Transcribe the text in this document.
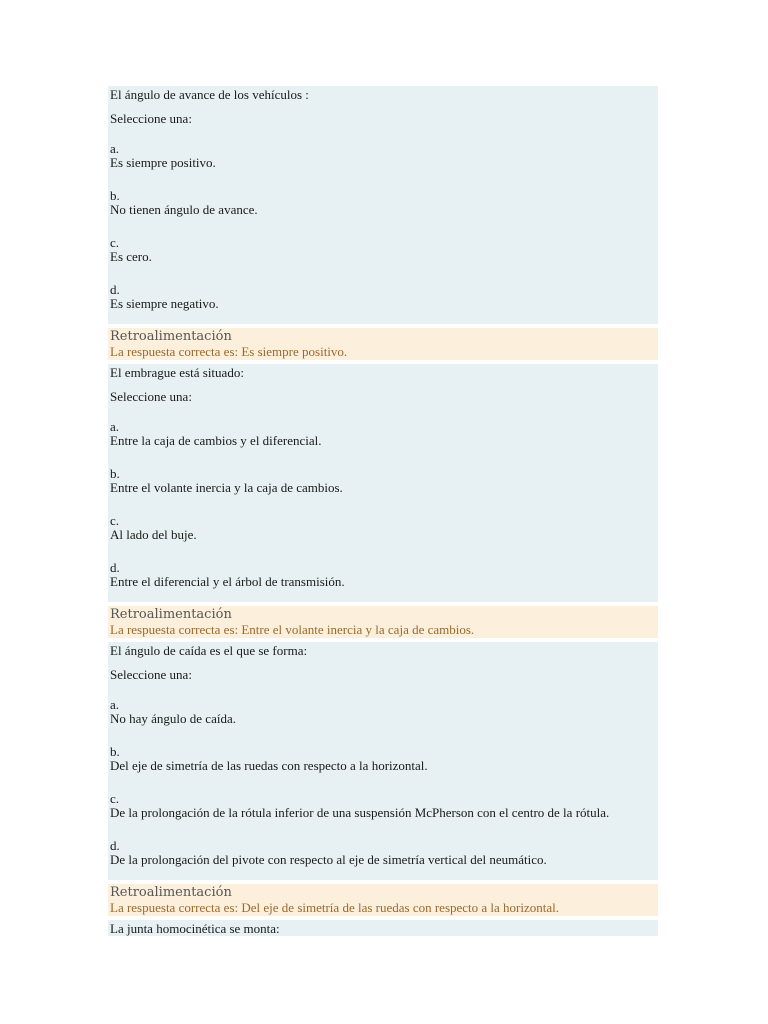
El ángulo de avance de los vehículos :
Seleccione una:
a.
Es siempre positivo.
b.
No tienen ángulo de avance.
c.
Es cero.
d.
Es siempre negativo.
Retroalimentación
La respuesta correcta es: Es siempre positivo.
El embrague está situado:
Seleccione una:
a.
Entre la caja de cambios y el diferencial.
b.
Entre el volante inercia y la caja de cambios.
c.
Al lado del buje.
d.
Entre el diferencial y el árbol de transmisión.
Retroalimentación
La respuesta correcta es: Entre el volante inercia y la caja de cambios.
El ángulo de caída es el que se forma:
Seleccione una:
a.
No hay ángulo de caída.
b.
Del eje de simetría de las ruedas con respecto a la horizontal.
c.
De la prolongación de la rótula inferior de una suspensión McPherson con el centro de la rótula.
d.
De la prolongación del pivote con respecto al eje de simetría vertical del neumático.
Retroalimentación
La respuesta correcta es: Del eje de simetría de las ruedas con respecto a la horizontal.
La junta homocinética se monta:
